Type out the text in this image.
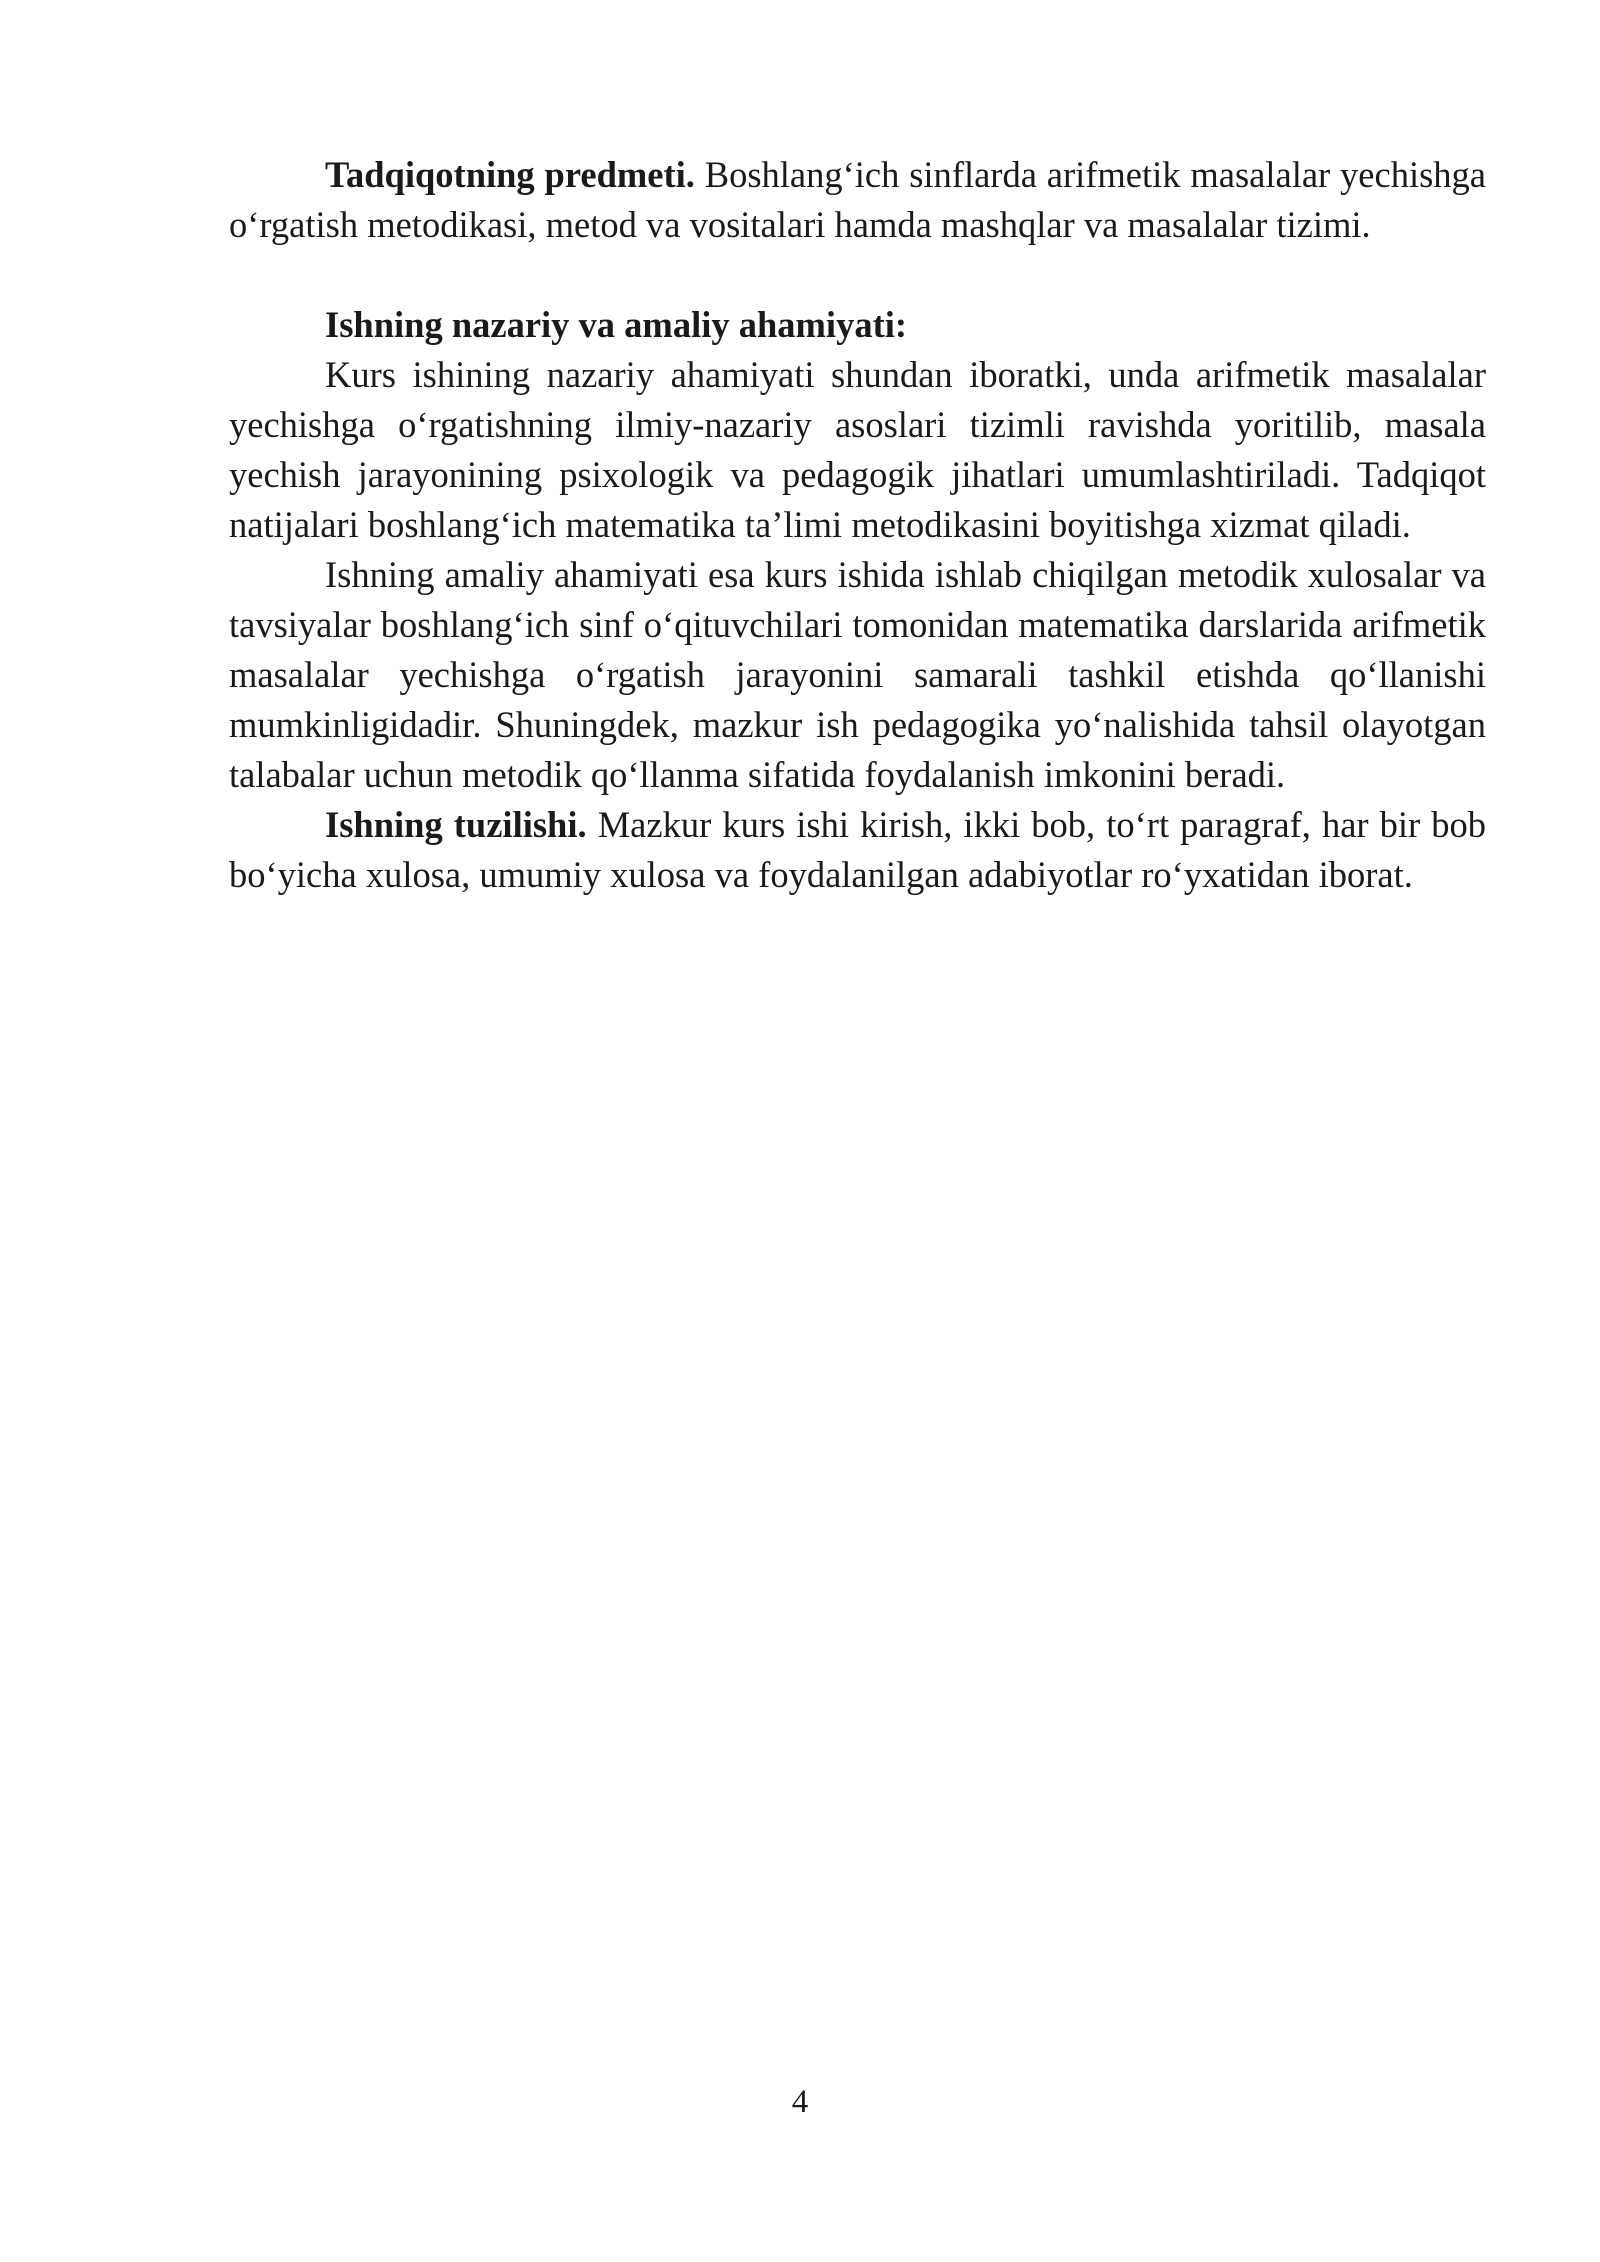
Tadqiqotning predmeti. Boshlang‘ich sinflarda arifmetik masalalar yechishga o‘rgatish metodikasi, metod va vositalari hamda mashqlar va masalalar tizimi.

Ishning nazariy va amaliy ahamiyati:

Kurs ishining nazariy ahamiyati shundan iboratki, unda arifmetik masalalar yechishga o‘rgatishning ilmiy-nazariy asoslari tizimli ravishda yoritilib, masala yechish jarayonining psixologik va pedagogik jihatlari umumlashtiriladi. Tadqiqot natijalari boshlang‘ich matematika ta’limi metodikasini boyitishga xizmat qiladi.

Ishning amaliy ahamiyati esa kurs ishida ishlab chiqilgan metodik xulosalar va tavsiyalar boshlang‘ich sinf o‘qituvchilari tomonidan matematika darslarida arifmetik masalalar yechishga o‘rgatish jarayonini samarali tashkil etishda qo‘llanishi mumkinligidadir. Shuningdek, mazkur ish pedagogika yo‘nalishida tahsil olayotgan talabalar uchun metodik qo‘llanma sifatida foydalanish imkonini beradi.

Ishning tuzilishi. Mazkur kurs ishi kirish, ikki bob, to‘rt paragraf, har bir bob bo‘yicha xulosa, umumiy xulosa va foydalanilgan adabiyotlar ro‘yxatidan iborat.

4
